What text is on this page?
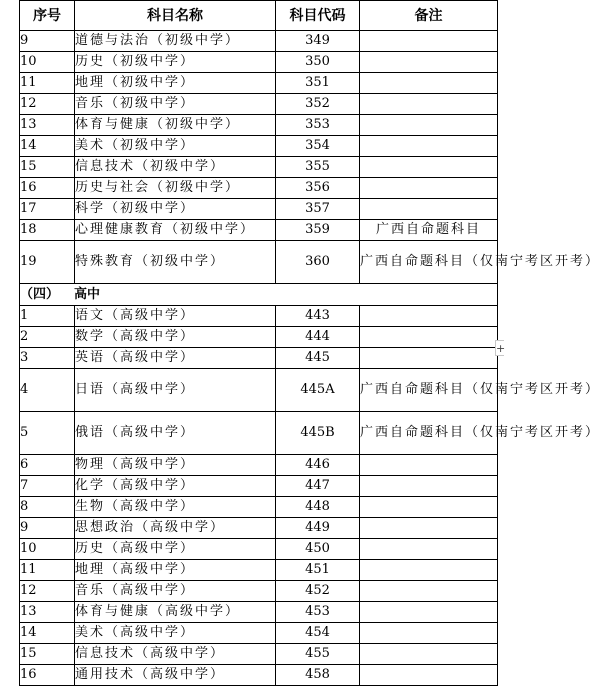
序号	科目名称	科目代码	备注
9	道德与法治（初级中学）	349	
10	历史（初级中学）	350	
11	地理（初级中学）	351	
12	音乐（初级中学）	352	
13	体育与健康（初级中学）	353	
14	美术（初级中学）	354	
15	信息技术（初级中学）	355	
16	历史与社会（初级中学）	356	
17	科学（初级中学）	357	
18	心理健康教育（初级中学）	359	广西自命题科目
19	特殊教育（初级中学）	360	广西自命题科目（仅南宁考区开考）
（四） 高中			
1	语文（高级中学）	443	
2	数学（高级中学）	444	
3	英语（高级中学）	445	
4	日语（高级中学）	445A	广西自命题科目（仅南宁考区开考）
5	俄语（高级中学）	445B	广西自命题科目（仅南宁考区开考）
6	物理（高级中学）	446	
7	化学（高级中学）	447	
8	生物（高级中学）	448	
9	思想政治（高级中学）	449	
10	历史（高级中学）	450	
11	地理（高级中学）	451	
12	音乐（高级中学）	452	
13	体育与健康（高级中学）	453	
14	美术（高级中学）	454	
15	信息技术（高级中学）	455	
16	通用技术（高级中学）	458	
+
